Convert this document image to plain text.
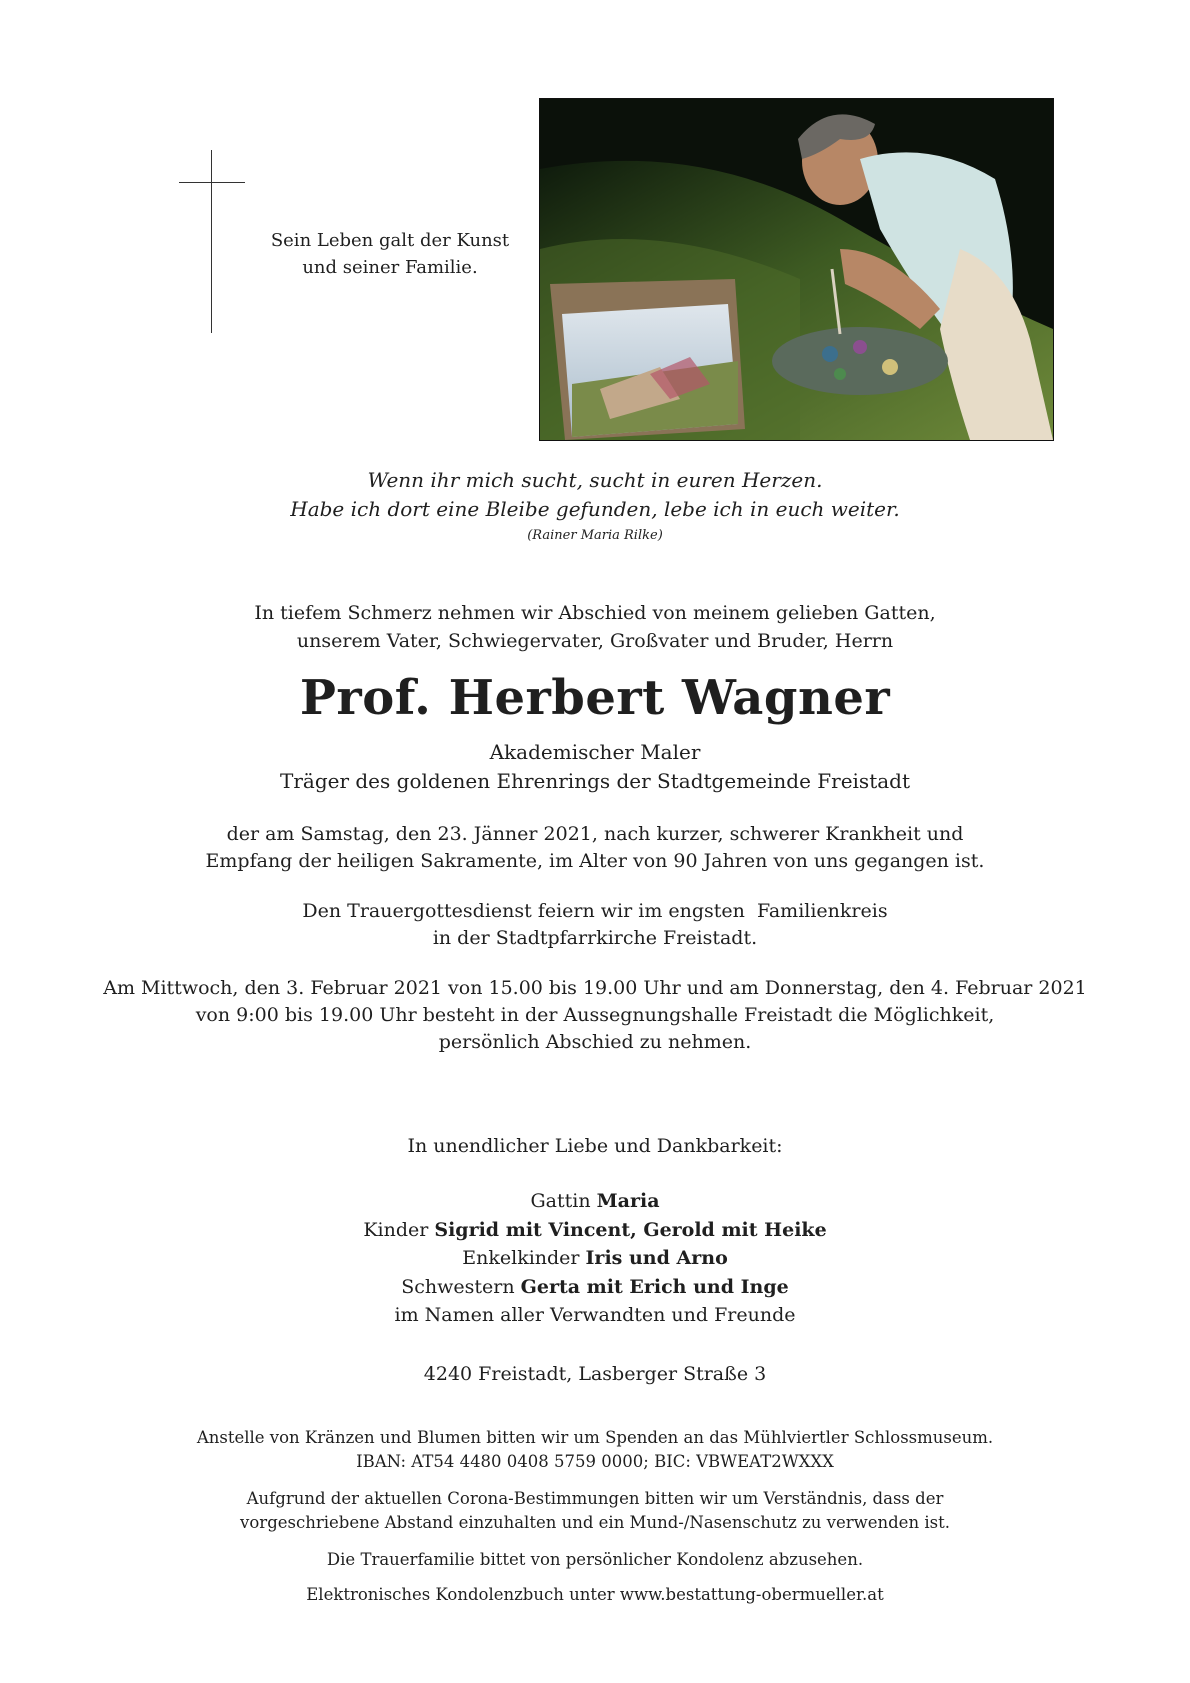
Sein Leben galt der Kunst
und seiner Familie.
Wenn ihr mich sucht, sucht in euren Herzen.
Habe ich dort eine Bleibe gefunden, lebe ich in euch weiter.
(Rainer Maria Rilke)
In tiefem Schmerz nehmen wir Abschied von meinem gelieben Gatten,
unserem Vater, Schwiegervater, Großvater und Bruder, Herrn
Prof. Herbert Wagner
Akademischer Maler
Träger des goldenen Ehrenrings der Stadtgemeinde Freistadt
der am Samstag, den 23. Jänner 2021, nach kurzer, schwerer Krankheit und
Empfang der heiligen Sakramente, im Alter von 90 Jahren von uns gegangen ist.
Den Trauergottesdienst feiern wir im engsten  Familienkreis
in der Stadtpfarrkirche Freistadt.
Am Mittwoch, den 3. Februar 2021 von 15.00 bis 19.00 Uhr und am Donnerstag, den 4. Februar 2021
von 9:00 bis 19.00 Uhr besteht in der Aussegnungshalle Freistadt die Möglichkeit,
persönlich Abschied zu nehmen.
In unendlicher Liebe und Dankbarkeit:
Gattin Maria
Kinder Sigrid mit Vincent, Gerold mit Heike
Enkelkinder Iris und Arno
Schwestern Gerta mit Erich und Inge
im Namen aller Verwandten und Freunde
4240 Freistadt, Lasberger Straße 3
Anstelle von Kränzen und Blumen bitten wir um Spenden an das Mühlviertler Schlossmuseum.
IBAN: AT54 4480 0408 5759 0000; BIC: VBWEAT2WXXX
Aufgrund der aktuellen Corona-Bestimmungen bitten wir um Verständnis, dass der
vorgeschriebene Abstand einzuhalten und ein Mund-/Nasenschutz zu verwenden ist.
Die Trauerfamilie bittet von persönlicher Kondolenz abzusehen.
Elektronisches Kondolenzbuch unter www.bestattung-obermueller.at
